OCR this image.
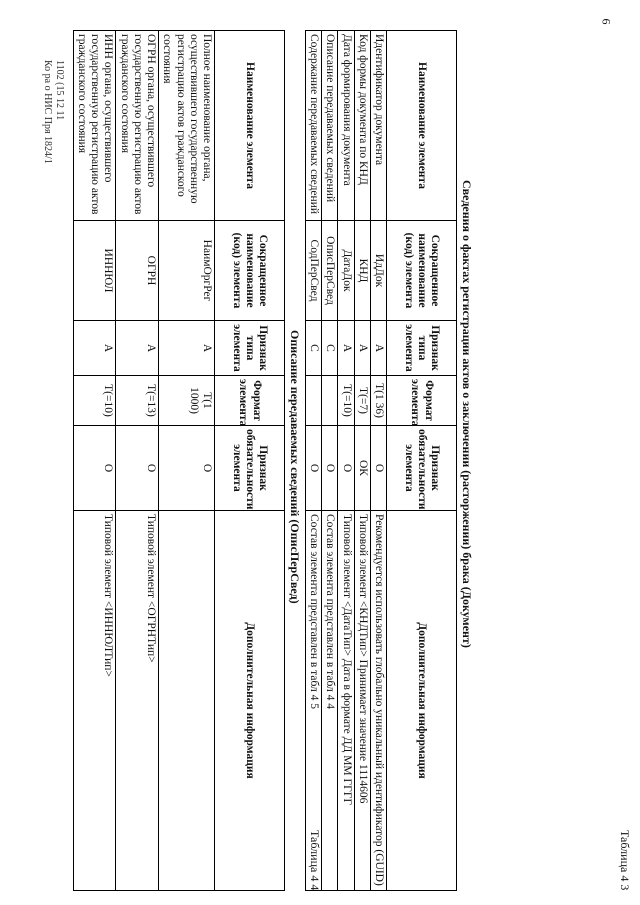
6
Таблица 4 3
Сведения о фактах регистрации актов о заключении (расторжении) брака (Документ)
Наименование элемента	Сокращенное наименование (код) элемента	Признак типа элемента	Формат элемента	Признак обязательности элемента	Дополнительная информация
Идентификатор документа	ИдДок	А	Т(1 36)	О	Рекомендуется использовать глобально уникальный идентификатор (GUID)
Код формы документа по КНД	КНД	А	Т(=7)	ОК	Типовой элемент <КНДТип> Принимает значение 1114606
Дата формирования документа	ДатаДок	А	Т(=10)	О	Типовой элемент <ДатаТип> Дата в формате ДД ММ ГГГГ
Описание передаваемых сведений	ОписПерСвед	С		О	Состав элемента представлен в табл 4 4
Содержание передаваемых сведений	СодПерСвед	С		О	Состав элемента представлен в табл 4 5
Таблица 4 4
Описание передаваемых сведений (ОписПерСвед)
Наименование элемента	Сокращенное наименование (код) элемента	Признак типа элемента	Формат элемента	Признак обязательности элемента	Дополнительная информация
Полное наименование органа, осуществившего государственную регистрацию актов гражданского состояния	НаимОргРег	А	Т(1 1000)	О	
ОГРН органа, осуществившего государственную регистрацию актов гражданского состояния	ОГРН	А	Т(=13)	О	Типовой элемент <ОГРНТип>
ИНН органа, осуществившего государственную регистрацию актов гражданского состояния	ИННЮЛ	А	Т(=10)	О	Типовой элемент <ИННЮЛТип>
1102 (15 12 11
Ко ра о НИС Пря 1824/1
